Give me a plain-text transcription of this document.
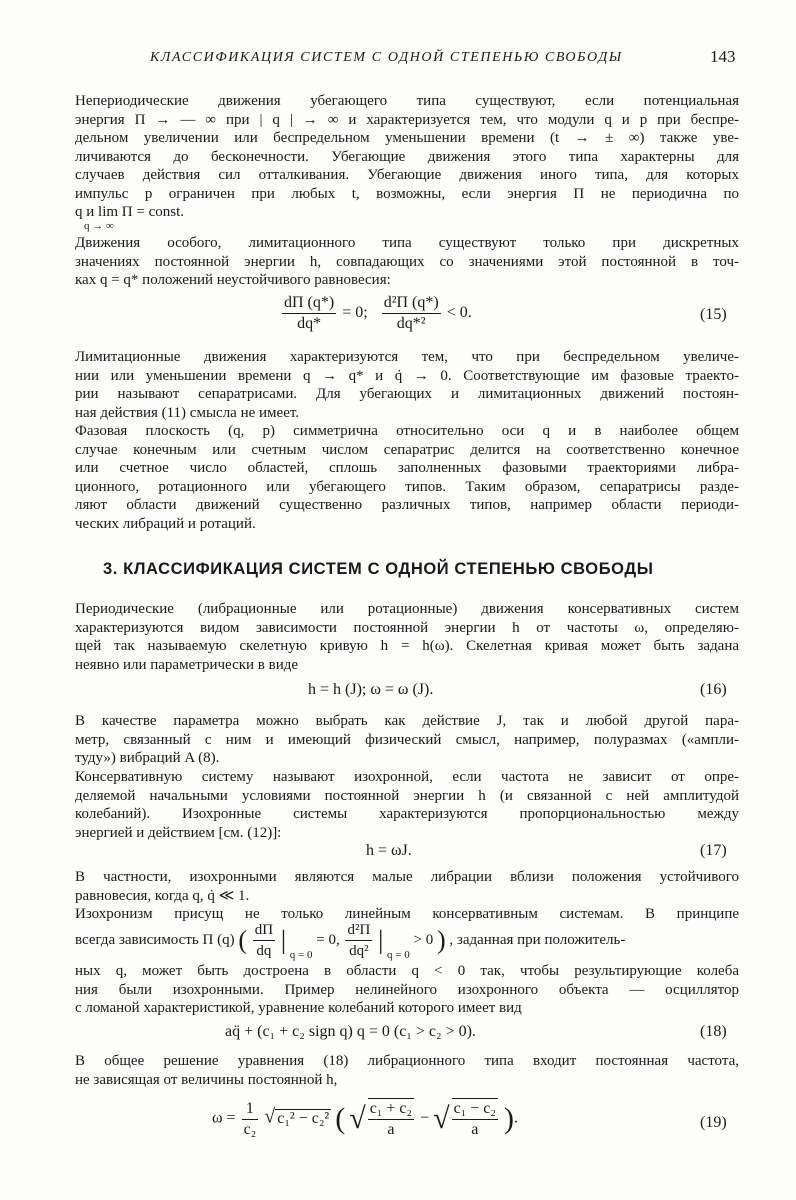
КЛАССИФИКАЦИЯ СИСТЕМ С ОДНОЙ СТЕПЕНЬЮ СВОБОДЫ	143
Непериодические движения убегающего типа существуют, если потенциальная
энергия П → — ∞ при | q | → ∞ и характеризуется тем, что модули q и p при беспре-
дельном увеличении или беспредельном уменьшении времени (t → ± ∞) также уве-
личиваются до бесконечности. Убегающие движения этого типа характерны для
случаев действия сил отталкивания. Убегающие движения иного типа, для которых
импульс p ограничен при любых t, возможны, если энергия П не периодична по
q и lim П = const.
q → ∞
Движения особого, лимитационного типа существуют только при дискретных
значениях постоянной энергии h, совпадающих со значениями этой постоянной в точ-
ках q = q* положений неустойчивого равновесия:
$\frac{dП (q*)}{dq*} = 0$; $\frac{\text{d²П (q*)}}{\text{dq*²}} < 0$.	(15)
Лимитационные движения характеризуются тем, что при беспредельном увеличе-
нии или уменьшении времени q → q* и q̇ → 0. Соответствующие им фазовые траекто-
рии называют сепаратрисами. Для убегающих и лимитационных движений постоян-
ная действия (11) смысла не имеет.
Фазовая плоскость (q, p) симметрична относительно оси q и в наиболее общем
случае конечным или счетным числом сепаратрис делится на соответственно конечное
или счетное число областей, сплошь заполненных фазовыми траекториями либра-
ционного, ротационного или убегающего типов. Таким образом, сепаратрисы разде-
ляют области движений существенно различных типов, например области периоди-
ческих либраций и ротаций.
3. КЛАССИФИКАЦИЯ СИСТЕМ С ОДНОЙ СТЕПЕНЬЮ СВОБОДЫ
Периодические (либрационные или ротационные) движения консервативных систем
характеризуются видом зависимости постоянной энергии h от частоты ω, определяю-
щей так называемую скелетную кривую h = h(ω). Скелетная кривая может быть задана
неявно или параметрически в виде
h = h (J); ω = ω (J).	(16)
В качестве параметра можно выбрать как действие J, так и любой другой пара-
метр, связанный с ним и имеющий физический смысл, например, полуразмах («ампли-
туду») вибраций A (8).
Консервативную систему называют изохронной, если частота не зависит от опре-
деляемой начальными условиями постоянной энергии h (и связанной с ней амплитудой
колебаний). Изохронные системы характеризуются пропорциональностью между
энергией и действием [см. (12)]:
h = ωJ.	(17)
В частности, изохронными являются малые либрации вблизи положения устойчивого
равновесия, когда q, q̇ ≪ 1.
Изохронизм присущ не только линейным консервативным системам. В принципе
всегда зависимость П (q) ( $\frac{dП}{dq}$ | $_{q = 0}$ = 0, $\frac{\text{d²П}}{\text{dq²}}$ | $_{q = 0}$ > 0 ) , заданная при положитель-
ных q, может быть достроена в области q < 0 так, чтобы результирующие колеба
ния были изохронными. Пример нелинейного изохронного объекта — осциллятор
с ломаной характеристикой, уравнение колебаний которого имеет вид
aq̈ + (c₁ + c₂ sign q) q = 0 (c₁ > c₂ > 0).	(18)
В общее решение уравнения (18) либрационного типа входит постоянная частота,
не зависящая от величины постоянной h,
$\omega = \frac{1}{\text{c₂}}$ √ c₁² − c₂² ( √ $\frac{\text{c₁ + c₂}}{a}$ − √ $\frac{\text{c₁ − c₂}}{a}$ ).	(19)
